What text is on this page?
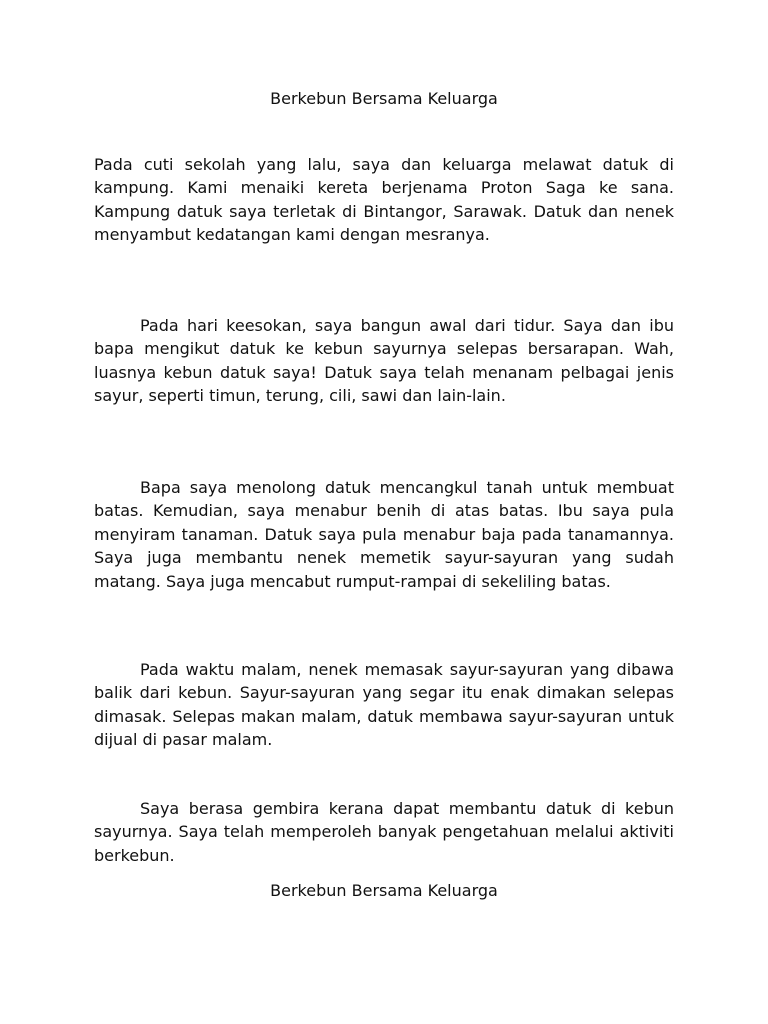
Berkebun Bersama Keluarga

Pada cuti sekolah yang lalu, saya dan keluarga melawat datuk di kampung. Kami menaiki kereta berjenama Proton Saga ke sana. Kampung datuk saya terletak di Bintangor, Sarawak. Datuk dan nenek menyambut kedatangan kami dengan mesranya.

Pada hari keesokan, saya bangun awal dari tidur. Saya dan ibu bapa mengikut datuk ke kebun sayurnya selepas bersarapan. Wah, luasnya kebun datuk saya! Datuk saya telah menanam pelbagai jenis sayur, seperti timun, terung, cili, sawi dan lain-lain.

Bapa saya menolong datuk mencangkul tanah untuk membuat batas. Kemudian, saya menabur benih di atas batas. Ibu saya pula menyiram tanaman. Datuk saya pula menabur baja pada tanamannya. Saya juga membantu nenek memetik sayur-sayuran yang sudah matang. Saya juga mencabut rumput-rampai di sekeliling batas.

Pada waktu malam, nenek memasak sayur-sayuran yang dibawa balik dari kebun. Sayur-sayuran yang segar itu enak dimakan selepas dimasak. Selepas makan malam, datuk membawa sayur-sayuran untuk dijual di pasar malam.

Saya berasa gembira kerana dapat membantu datuk di kebun sayurnya. Saya telah memperoleh banyak pengetahuan melalui aktiviti berkebun.

Berkebun Bersama Keluarga
